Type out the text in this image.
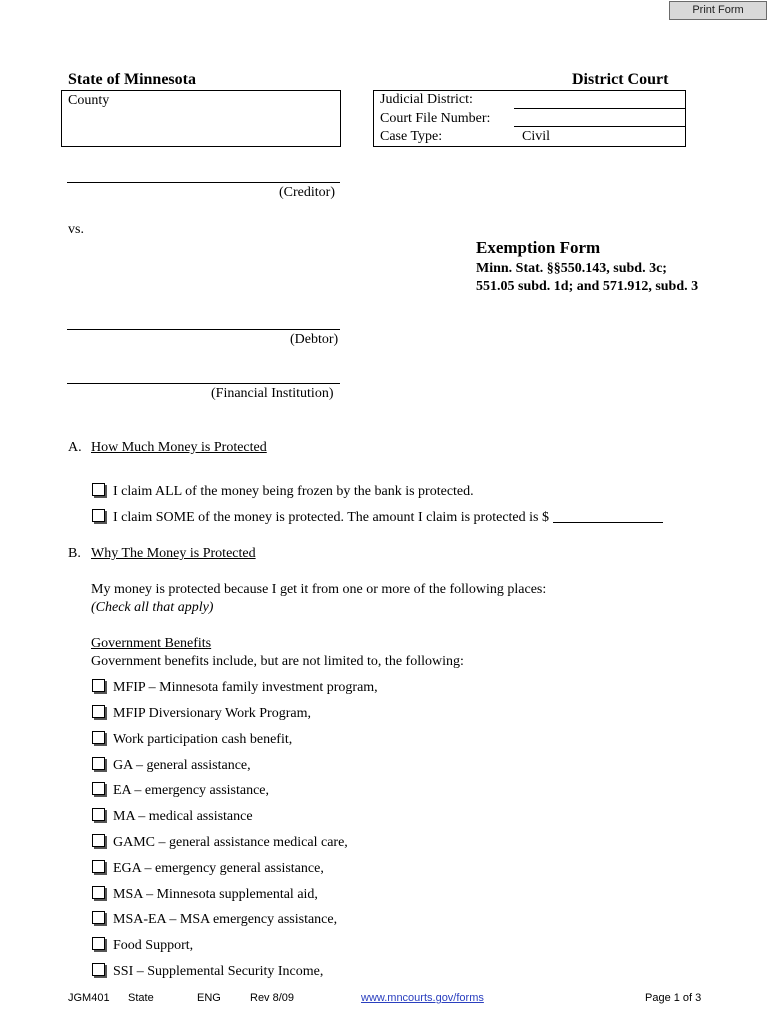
Print Form
State of Minnesota	District Court
County	Judicial District:
Court File Number:
Case Type:	Civil
(Creditor)
vs.
(Debtor)
(Financial Institution)
Exemption Form
Minn. Stat. §§550.143, subd. 3c; 551.05 subd. 1d; and 571.912, subd. 3
A. How Much Money is Protected
I claim ALL of the money being frozen by the bank is protected.
I claim SOME of the money is protected. The amount I claim is protected is $
B. Why The Money is Protected
My money is protected because I get it from one or more of the following places:
(Check all that apply)
Government Benefits
Government benefits include, but are not limited to, the following:
MFIP – Minnesota family investment program,
MFIP Diversionary Work Program,
Work participation cash benefit,
GA – general assistance,
EA – emergency assistance,
MA – medical assistance
GAMC – general assistance medical care,
EGA – emergency general assistance,
MSA – Minnesota supplemental aid,
MSA-EA – MSA emergency assistance,
Food Support,
SSI – Supplemental Security Income,
JGM401 State	ENG	Rev 8/09	www.mncourts.gov/forms	Page 1 of 3
